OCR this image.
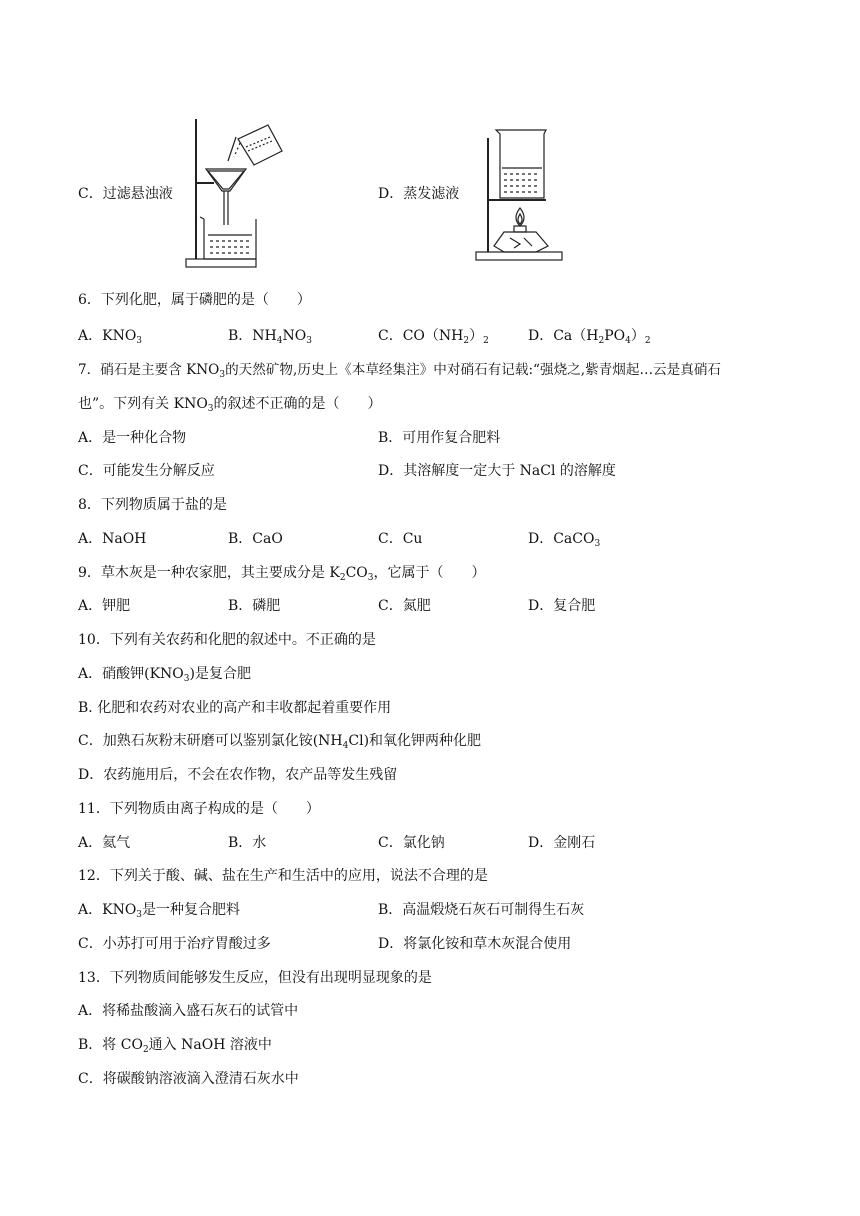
C．过滤悬浊液	D．蒸发滤液
6．下列化肥，属于磷肥的是（　　）
A．$KNO_3$	B．$NH_4NO_3$	C．$CO(NH_2)_2$	D．$Ca(H_2PO_4)_2$
7．硝石是主要含 $KNO_3$的天然矿物,历史上《本草经集注》中对硝石有记载:“强烧之,紫青烟起…云是真硝石
也”。下列有关 $KNO_3$的叙述不正确的是（　　）
A．是一种化合物	B．可用作复合肥料
C．可能发生分解反应	D．其溶解度一定大于 NaCl 的溶解度
8．下列物质属于盐的是
A．NaOH	B．CaO	C．Cu	D．CaCO$_3$
9．草木灰是一种农家肥，其主要成分是 $K_2CO_3$，它属于（　　）
A．钾肥	B．磷肥	C．氮肥	D．复合肥
10．下列有关农药和化肥的叙述中。不正确的是
A．硝酸钾$(KNO_3)$是复合肥
B. 化肥和农药对农业的高产和丰收都起着重要作用
C．加熟石灰粉末研磨可以鉴别氯化铵$(NH_4Cl)$和氧化钾两种化肥
D．农药施用后，不会在农作物，农产品等发生残留
11．下列物质由离子构成的是（　　）
A．氦气	B．水	C．氯化钠	D．金刚石
12．下列关于酸、碱、盐在生产和生活中的应用，说法不合理的是
A．$KNO_3$是一种复合肥料	B．高温煅烧石灰石可制得生石灰
C．小苏打可用于治疗胃酸过多	D．将氯化铵和草木灰混合使用
13．下列物质间能够发生反应，但没有出现明显现象的是
A．将稀盐酸滴入盛石灰石的试管中
B．将 $CO_2$通入 NaOH 溶液中
C．将碳酸钠溶液滴入澄清石灰水中
